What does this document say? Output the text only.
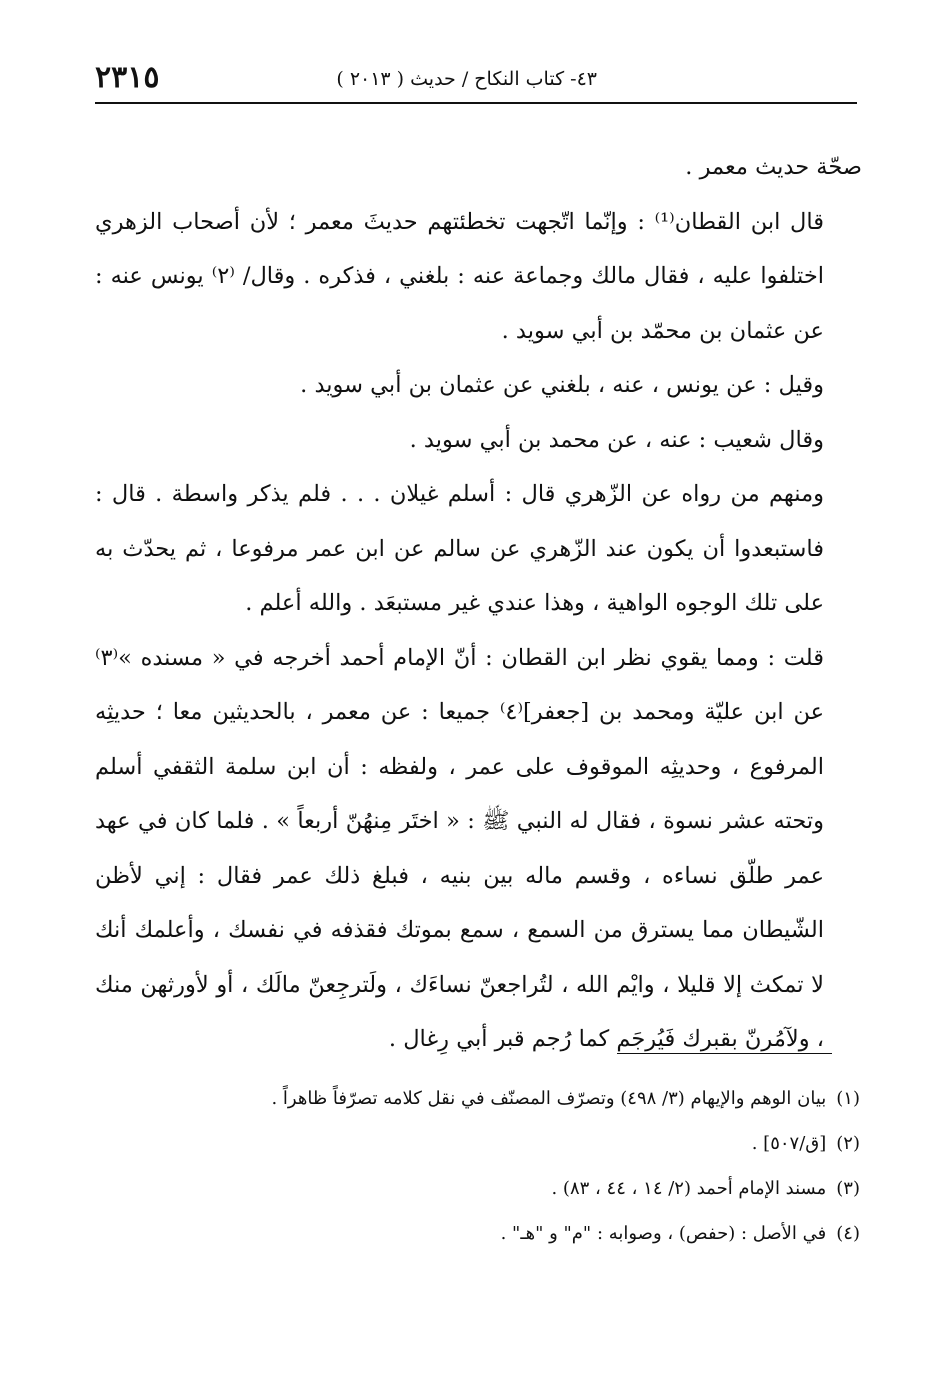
٤٣- كتاب النكاح / حديث ( ٢٠١٣ )
٢٣١٥

صحّة حديث معمر .

قال ابن القطان⁽¹⁾ : وإنّما اتّجهت تخطئتهم حديثَ معمر ؛ لأن أصحاب الزهري اختلفوا عليه ، فقال مالك وجماعة عنه : بلغني ، فذكره . وقال/ ⁽٢⁾ يونس عنه : عن عثمان بن محمّد بن أبي سويد .

وقيل : عن يونس ، عنه ، بلغني عن عثمان بن أبي سويد .

وقال شعيب : عنه ، عن محمد بن أبي سويد .

ومنهم من رواه عن الزّهري قال : أسلم غيلان . . . فلم يذكر واسطة . قال : فاستبعدوا أن يكون عند الزّهري عن سالم عن ابن عمر مرفوعا ، ثم يحدّث به على تلك الوجوه الواهية ، وهذا عندي غير مستبعَد . والله أعلم .

قلت : ومما يقوي نظر ابن القطان : أنّ الإمام أحمد أخرجه في « مسنده »⁽٣⁾ عن ابن عليّة ومحمد بن [جعفر]⁽٤⁾ جميعا : عن معمر ، بالحديثين معا ؛ حديثِه المرفوع ، وحديثِه الموقوف على عمر ، ولفظه : أن ابن سلمة الثقفي أسلم وتحته عشر نسوة ، فقال له النبي ﷺ : « اختَر مِنهُنّ أربعاً » . فلما كان في عهد عمر طلّق نساءه ، وقسم ماله بين بنيه ، فبلغ ذلك عمر فقال : إني لأظن الشّيطان مما يسترق من السمع ، سمع بموتك فقذفه في نفسك ، وأعلمك أنك لا تمكث إلا قليلا ، وايْم الله ، لتُراجعنّ نساءَك ، ولَترجِعنّ مالَك ، أو لأورثهن منك ، ولآمُرنّ بقبرك فَيُرجَم كما رُجم قبر أبي رِغال .

(١)بيان الوهم والإيهام (٣/ ٤٩٨) وتصرّف المصنّف في نقل كلامه تصرّفاً ظاهراً .
(٢)[ق/٥٠٧] .
(٣)مسند الإمام أحمد (٢/ ١٤ ، ٤٤ ، ٨٣) .
(٤)في الأصل : (حفص) ، وصوابه : "م" و "هـ" .
